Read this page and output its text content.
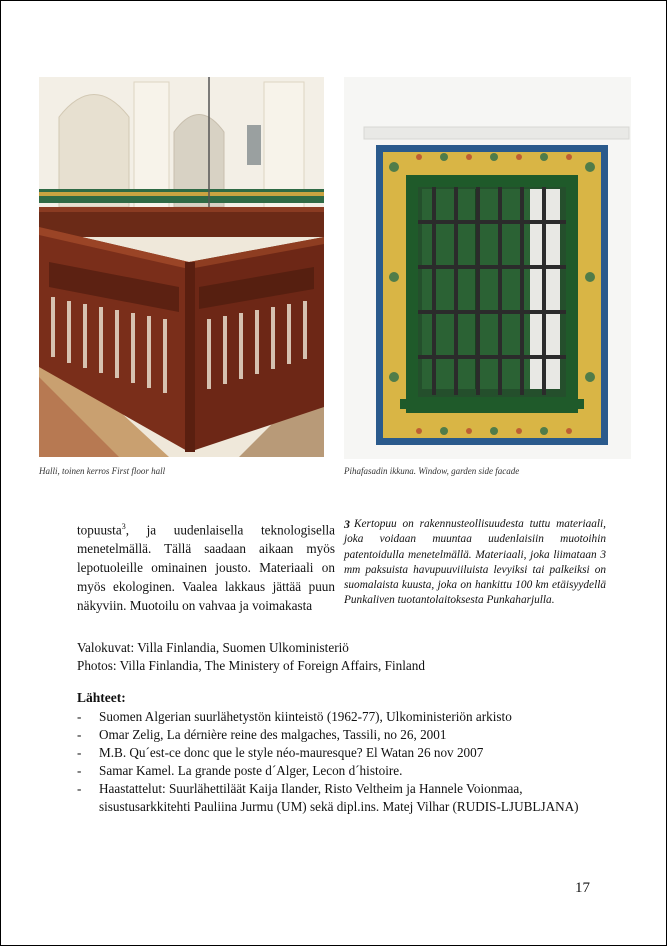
Halli, toinen kerros First floor hall	Pihafasadin ikkuna. Window, garden side facade
topuusta$^3$, ja uudenlaisella teknologisella menetelmällä. Tällä saadaan aikaan myös lepotuoleille ominainen jousto. Materiaali on myös ekologinen. Vaalea lakkaus jättää puun näkyviin. Muotoilu on vahvaa ja voimakasta
3 Kertopuu on rakennusteollisuudesta tuttu materiaali, joka voidaan muuntaa uudenlaisiin muotoihin patentoidulla menetelmällä. Materiaali, joka liimataan 3 mm paksuista havupuuviiluista levyiksi tai palkeiksi on suomalaista kuusta, joka on hankittu 100 km etäisyydellä Punkaliven tuotantolaitoksesta Punkaharjulla.
Valokuvat: Villa Finlandia, Suomen Ulkoministeriö
Photos: Villa Finlandia, The Ministery of Foreign Affairs, Finland
Lähteet:
- Suomen Algerian suurlähetystön kiinteistö (1962-77), Ulkoministeriön arkisto
- Omar Zelig, La dérnière reine des malgaches, Tassili, no 26, 2001
- M.B. Qu´est-ce donc que le style néo-mauresque? El Watan 26 nov 2007
- Samar Kamel. La grande poste d´Alger, Lecon d´histoire.
- Haastattelut: Suurlähettiläät Kaija Ilander, Risto Veltheim ja Hannele Voionmaa, sisustusarkkitehti Pauliina Jurmu (UM) sekä dipl.ins. Matej Vilhar (RUDIS-LJUBLJANA)
17
